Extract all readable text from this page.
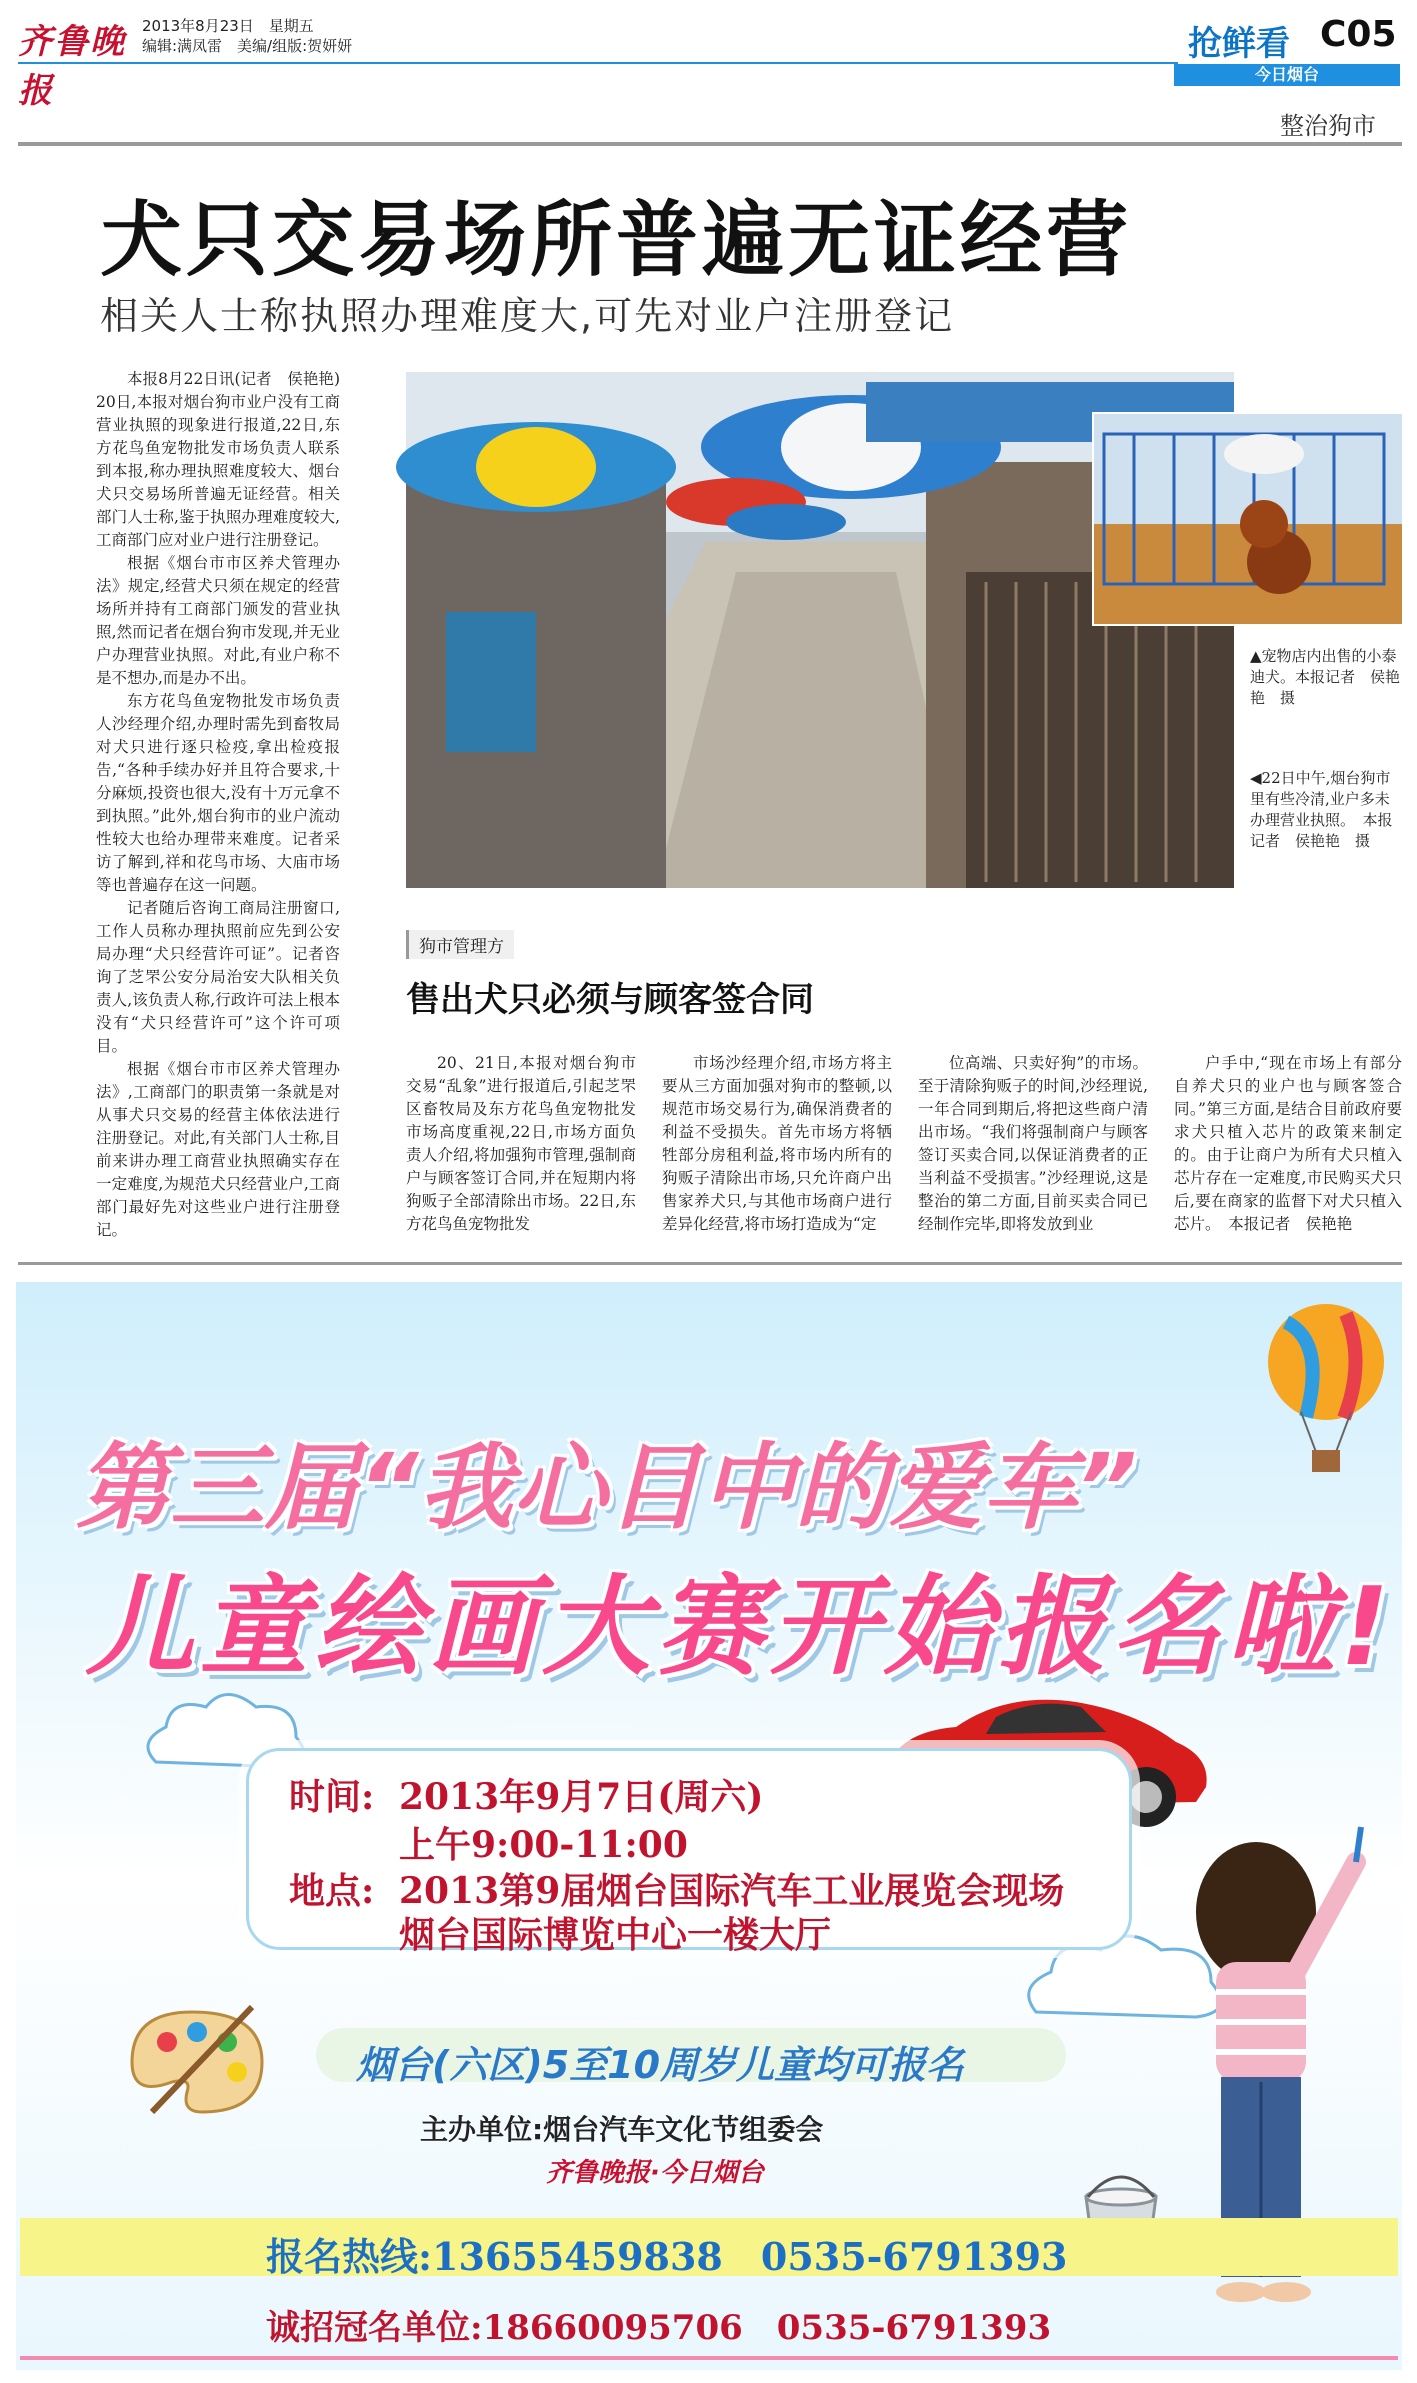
齐鲁晚报
2013年8月23日　星期五
编辑:满凤雷　美编/组版:贺妍妍	抢鲜看 C05
今日烟台
整治狗市
犬只交易场所普遍无证经营
相关人士称执照办理难度大,可先对业户注册登记

本报8月22日讯(记者　侯艳艳)　20日,本报对烟台狗市业户没有工商营业执照的现象进行报道,22日,东方花鸟鱼宠物批发市场负责人联系到本报,称办理执照难度较大、烟台犬只交易场所普遍无证经营。相关部门人士称,鉴于执照办理难度较大,工商部门应对业户进行注册登记。

根据《烟台市市区养犬管理办法》规定,经营犬只须在规定的经营场所并持有工商部门颁发的营业执照,然而记者在烟台狗市发现,并无业户办理营业执照。对此,有业户称不是不想办,而是办不出。

东方花鸟鱼宠物批发市场负责人沙经理介绍,办理时需先到畜牧局对犬只进行逐只检疫,拿出检疫报告,“各种手续办好并且符合要求,十分麻烦,投资也很大,没有十万元拿不到执照。”此外,烟台狗市的业户流动性较大也给办理带来难度。记者采访了解到,祥和花鸟市场、大庙市场等也普遍存在这一问题。

记者随后咨询工商局注册窗口,工作人员称办理执照前应先到公安局办理“犬只经营许可证”。记者咨询了芝罘公安分局治安大队相关负责人,该负责人称,行政许可法上根本没有“犬只经营许可”这个许可项目。

根据《烟台市市区养犬管理办法》,工商部门的职责第一条就是对从事犬只交易的经营主体依法进行注册登记。对此,有关部门人士称,目前来讲办理工商营业执照确实存在一定难度,为规范犬只经营业户,工商部门最好先对这些业户进行注册登记。

▲宠物店内出售的小泰迪犬。本报记者　侯艳艳　摄
◀22日中午,烟台狗市里有些冷清,业户多未办理营业执照。　本报记者　侯艳艳　摄
狗市管理方
售出犬只必须与顾客签合同

20、21日,本报对烟台狗市交易“乱象”进行报道后,引起芝罘区畜牧局及东方花鸟鱼宠物批发市场高度重视,22日,市场方面负责人介绍,将加强狗市管理,强制商户与顾客签订合同,并在短期内将狗贩子全部清除出市场。22日,东方花鸟鱼宠物批发

市场沙经理介绍,市场方将主要从三方面加强对狗市的整顿,以规范市场交易行为,确保消费者的利益不受损失。首先市场方将牺牲部分房租利益,将市场内所有的狗贩子清除出市场,只允许商户出售家养犬只,与其他市场商户进行差异化经营,将市场打造成为“定

位高端、只卖好狗”的市场。至于清除狗贩子的时间,沙经理说,一年合同到期后,将把这些商户清出市场。“我们将强制商户与顾客签订买卖合同,以保证消费者的正当利益不受损害。”沙经理说,这是整治的第二方面,目前买卖合同已经制作完毕,即将发放到业

户手中,“现在市场上有部分自养犬只的业户也与顾客签合同。”第三方面,是结合目前政府要求犬只植入芯片的政策来制定的。由于让商户为所有犬只植入芯片存在一定难度,市民购买犬只后,要在商家的监督下对犬只植入芯片。　本报记者　侯艳艳

第三届“我心目中的爱车”
儿童绘画大赛开始报名啦!
时间: 2013年9月7日(周六)
上午9:00-11:00
地点: 2013第9届烟台国际汽车工业展览会现场
烟台国际博览中心一楼大厅
烟台(六区)5至10周岁儿童均可报名
主办单位:烟台汽车文化节组委会
齐鲁晚报·今日烟台
报名热线:13655459838　0535-6791393
诚招冠名单位:18660095706　0535-6791393
